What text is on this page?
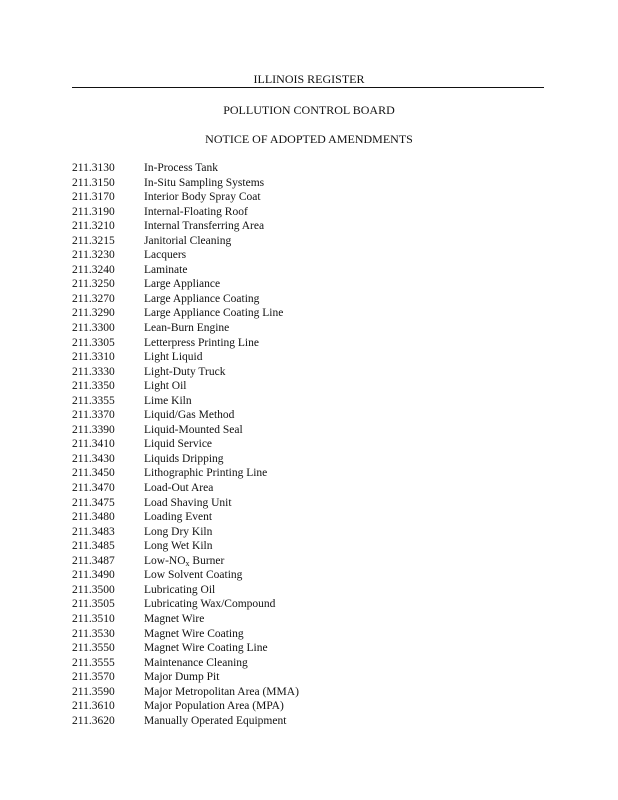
ILLINOIS REGISTER
POLLUTION CONTROL BOARD
NOTICE OF ADOPTED AMENDMENTS
211.3130	In-Process Tank
211.3150	In-Situ Sampling Systems
211.3170	Interior Body Spray Coat
211.3190	Internal-Floating Roof
211.3210	Internal Transferring Area
211.3215	Janitorial Cleaning
211.3230	Lacquers
211.3240	Laminate
211.3250	Large Appliance
211.3270	Large Appliance Coating
211.3290	Large Appliance Coating Line
211.3300	Lean-Burn Engine
211.3305	Letterpress Printing Line
211.3310	Light Liquid
211.3330	Light-Duty Truck
211.3350	Light Oil
211.3355	Lime Kiln
211.3370	Liquid/Gas Method
211.3390	Liquid-Mounted Seal
211.3410	Liquid Service
211.3430	Liquids Dripping
211.3450	Lithographic Printing Line
211.3470	Load-Out Area
211.3475	Load Shaving Unit
211.3480	Loading Event
211.3483	Long Dry Kiln
211.3485	Long Wet Kiln
211.3487	Low-$NO_x$ Burner
211.3490	Low Solvent Coating
211.3500	Lubricating Oil
211.3505	Lubricating Wax/Compound
211.3510	Magnet Wire
211.3530	Magnet Wire Coating
211.3550	Magnet Wire Coating Line
211.3555	Maintenance Cleaning
211.3570	Major Dump Pit
211.3590	Major Metropolitan Area (MMA)
211.3610	Major Population Area (MPA)
211.3620	Manually Operated Equipment
